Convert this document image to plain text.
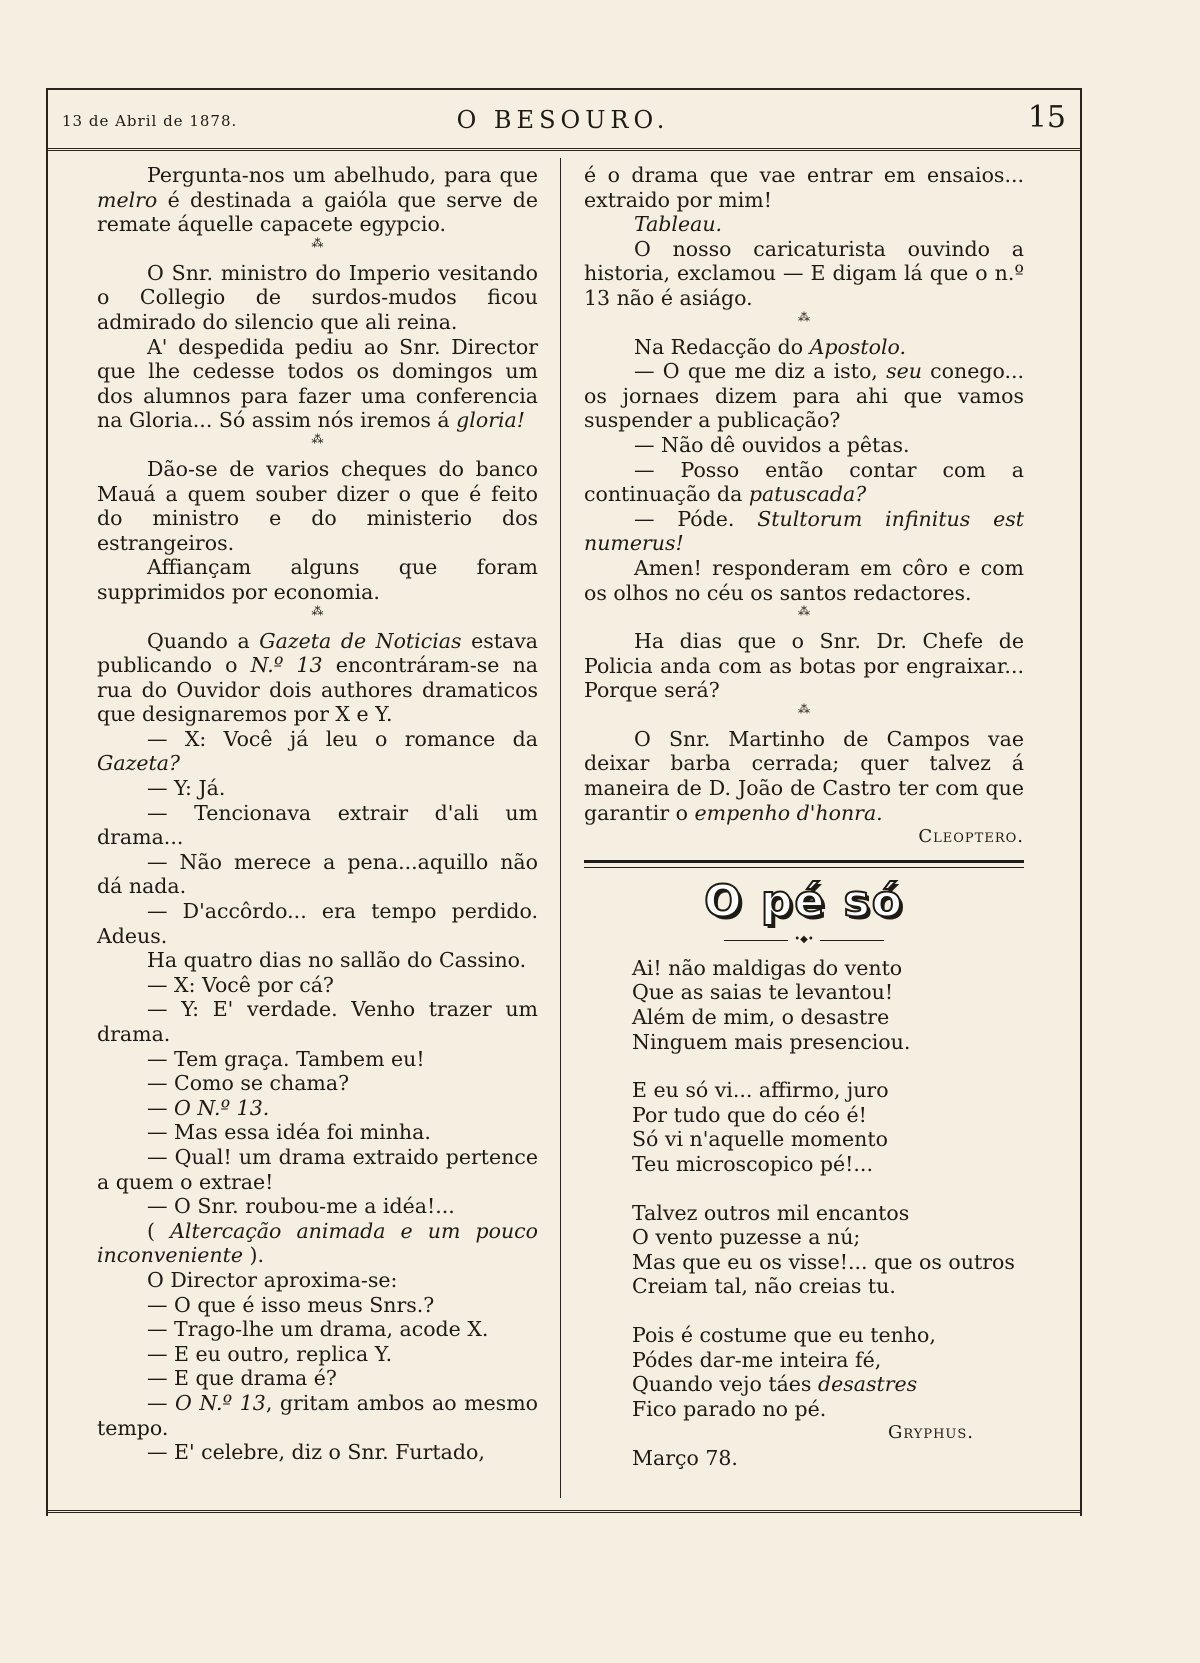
13 de Abril de 1878.	O BESOURO.	15

Pergunta-nos um abelhudo, para que melro é destinada a gaióla que serve de remate áquelle capacete egypcio.

⁂

O Snr. ministro do Imperio vesitando o Collegio de surdos-mudos ficou admirado do silencio que ali reina.

A' despedida pediu ao Snr. Director que lhe cedesse todos os domingos um dos alumnos para fazer uma conferencia na Gloria... Só assim nós iremos á gloria!

⁂

Dão-se de varios cheques do banco Mauá a quem souber dizer o que é feito do ministro e do ministerio dos estrangeiros.

Affiançam alguns que foram supprimidos por economia.

⁂

Quando a Gazeta de Noticias estava publicando o N.º 13 encontráram-se na rua do Ouvidor dois authores dramaticos que designaremos por X e Y.

— X: Você já leu o romance da Gazeta?

— Y: Já.

— Tencionava extrair d'ali um drama...

— Não merece a pena...aquillo não dá nada.

— D'accôrdo... era tempo perdido. Adeus.

Ha quatro dias no sallão do Cassino.

— X: Você por cá?

— Y: E' verdade. Venho trazer um drama.

— Tem graça. Tambem eu!

— Como se chama?

— O N.º 13.

— Mas essa idéa foi minha.

— Qual! um drama extraido pertence a quem o extrae!

— O Snr. roubou-me a idéa!...

( Altercação animada e um pouco inconveniente ).

O Director aproxima-se:

— O que é isso meus Snrs.?

— Trago-lhe um drama, acode X.

— E eu outro, replica Y.

— E que drama é?

— O N.º 13, gritam ambos ao mesmo tempo.

— E' celebre, diz o Snr. Furtado,

é o drama que vae entrar em ensaios... extraido por mim!

Tableau.

O nosso caricaturista ouvindo a historia, exclamou — E digam lá que o n.º 13 não é asiágo.

⁂

Na Redacção do Apostolo.

— O que me diz a isto, seu conego... os jornaes dizem para ahi que vamos suspender a publicação?

— Não dê ouvidos a pêtas.

— Posso então contar com a continuação da patuscada?

— Póde. Stultorum infinitus est numerus!

Amen! responderam em côro e com os olhos no céu os santos redactores.

⁂

Ha dias que o Snr. Dr. Chefe de Policia anda com as botas por engraixar... Porque será?

⁂

O Snr. Martinho de Campos vae deixar barba cerrada; quer talvez á maneira de D. João de Castro ter com que garantir o empenho d'honra.

Cleoptero.
O pé só
•◆•
Ai! não maldigas do vento
Que as saias te levantou!
Além de mim, o desastre
Ninguem mais presenciou.
E eu só vi... affirmo, juro
Por tudo que do céo é!
Só vi n'aquelle momento
Teu microscopico pé!...
Talvez outros mil encantos
O vento puzesse a nú;
Mas que eu os visse!... que os outros
Creiam tal, não creias tu.
Pois é costume que eu tenho,
Pódes dar-me inteira fé,
Quando vejo táes desastres
Fico parado no pé.
Gryphus.
Março 78.
